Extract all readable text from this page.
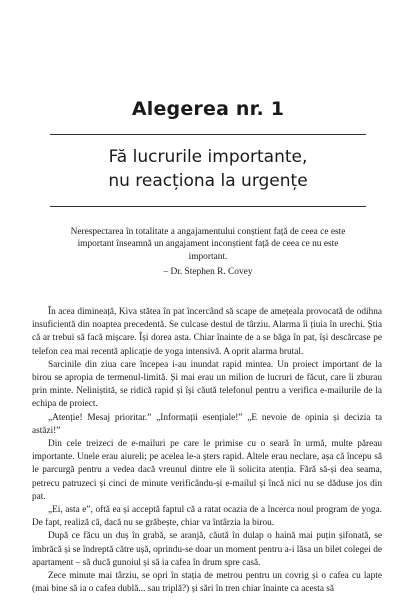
Alegerea nr. 1
Fă lucrurile importante,
nu reacționa la urgențe
Nerespectarea în totalitate a angajamentului conștient față de ceea ce este important înseamnă un angajament inconștient față de ceea ce nu este important.
– Dr. Stephen R. Covey

În acea dimineață, Kiva stătea în pat încercând să scape de amețeala provocată de odihna insuficientă din noaptea precedentă. Se culcase destul de târziu. Alarma îi țiuia în urechi. Știa că ar trebui să facă mișcare. Își dorea asta. Chiar înainte de a se băga în pat, își descărcase pe telefon cea mai recentă aplicație de yoga intensivă. A oprit alarma brutal.

Sarcinile din ziua care începea i-au inundat rapid mintea. Un proiect important de la birou se apropia de termenul-limită. Și mai erau un milion de lucruri de făcut, care îi zburau prin minte. Neliniștită, se ridică rapid și își căută telefonul pentru a verifica e-mailurile de la echipa de proiect.

„Atenție! Mesaj prioritar.” „Informații esențiale!” „E nevoie de opinia și decizia ta astăzi!”

Din cele treizeci de e-mailuri pe care le primise cu o seară în urmă, multe păreau importante. Unele erau aiureli; pe acelea le-a șters rapid. Altele erau neclare, așa că începu să le parcurgă pentru a vedea dacă vreunul dintre ele îi solicita atenția. Fără să-și dea seama, petrecu patruzeci și cinci de minute verificându-și e-mailul și încă nici nu se dăduse jos din pat.

„Ei, asta e”, oftă ea și acceptă faptul că a ratat ocazia de a încerca noul program de yoga. De fapt, realiză că, dacă nu se grăbește, chiar va întârzia la birou.

După ce făcu un duș în grabă, se aranjă, căută în dulap o haină mai puțin șifonată, se îmbrăcă și se îndreptă către ușă, oprindu-se doar un moment pentru a-i lăsa un bilet colegei de apartament – să ducă gunoiul și să ia cafea în drum spre casă.

Zece minute mai târziu, se opri în stația de metrou pentru un covrig și o cafea cu lapte (mai bine să ia o cafea dublă... sau triplă?) și sări în tren chiar înainte ca acesta să
